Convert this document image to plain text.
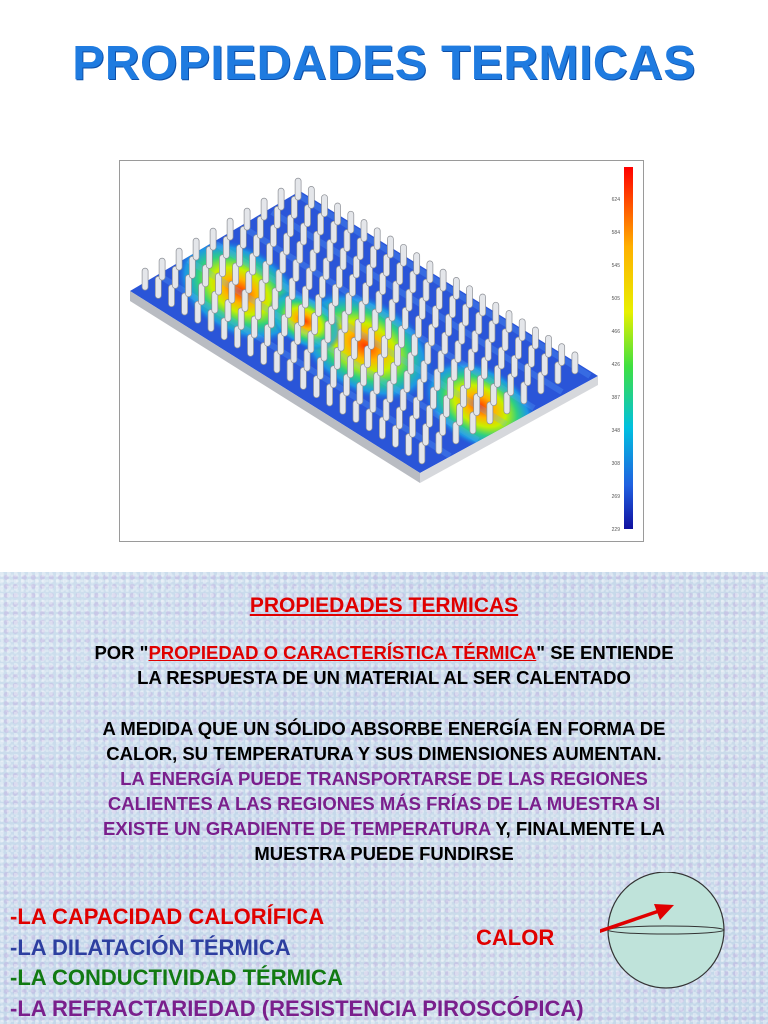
PROPIEDADES TERMICAS
624
584
545
505
466
426
387
348
308
269
229
PROPIEDADES TERMICAS
POR "PROPIEDAD O CARACTERÍSTICA TÉRMICA" SE ENTIENDE
LA RESPUESTA DE UN MATERIAL AL SER CALENTADO
A MEDIDA QUE UN SÓLIDO ABSORBE ENERGÍA EN FORMA DE
CALOR, SU TEMPERATURA Y SUS DIMENSIONES AUMENTAN.
LA ENERGÍA PUEDE TRANSPORTARSE DE LAS REGIONES
CALIENTES A LAS REGIONES MÁS FRÍAS DE LA MUESTRA SI
EXISTE UN GRADIENTE DE TEMPERATURA Y, FINALMENTE LA
MUESTRA PUEDE FUNDIRSE
-LA CAPACIDAD CALORÍFICA
-LA DILATACIÓN TÉRMICA
-LA CONDUCTIVIDAD TÉRMICA
-LA REFRACTARIEDAD (RESISTENCIA PIROSCÓPICA)
CALOR
